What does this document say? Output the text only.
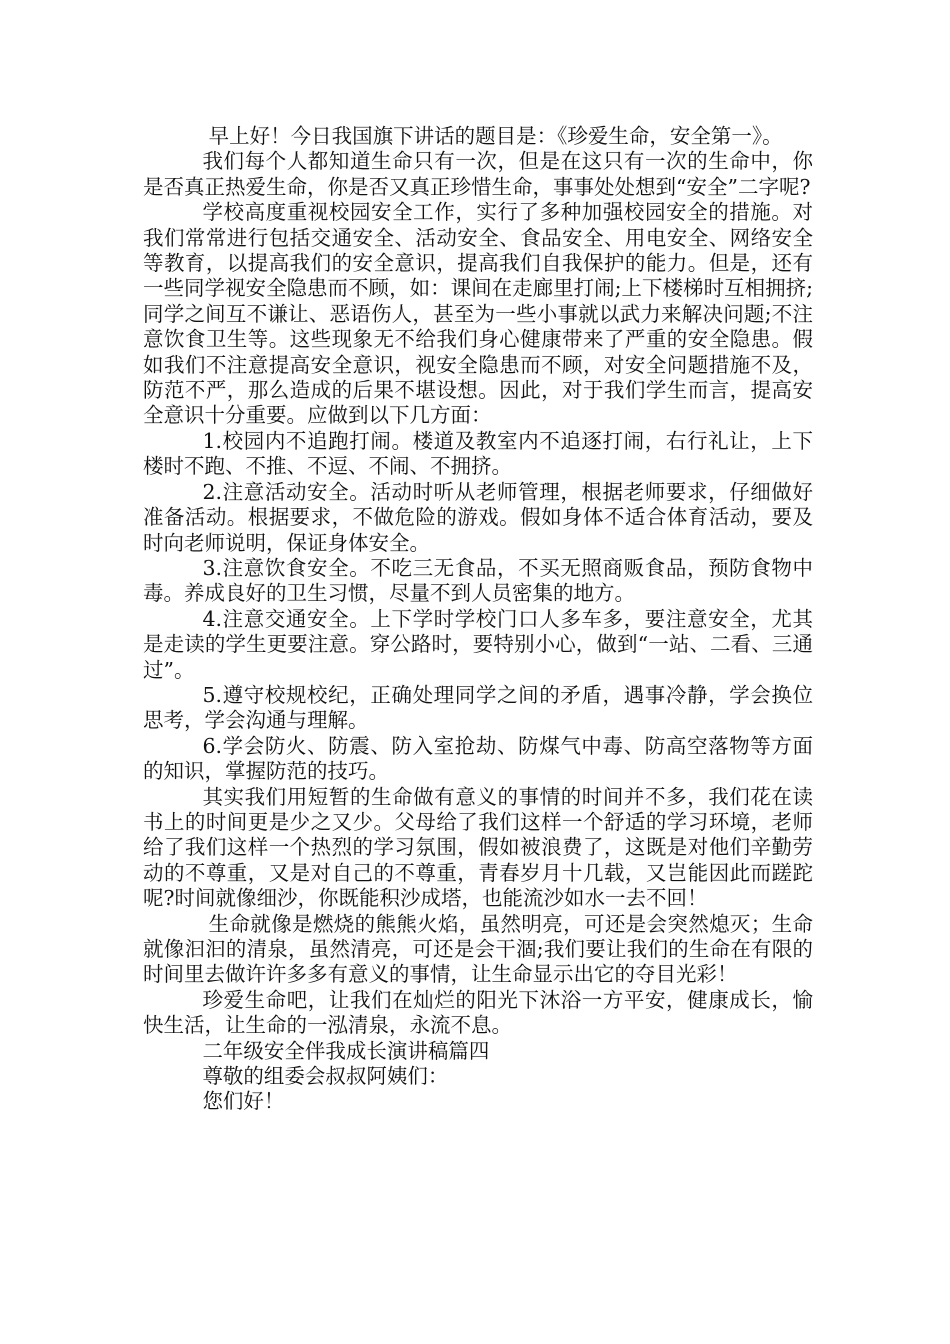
早上好！今日我国旗下讲话的题目是：《珍爱生命，安全第一》。

我们每个人都知道生命只有一次，但是在这只有一次的生命中，你是否真正热爱生命，你是否又真正珍惜生命，事事处处想到“安全”二字呢?

学校高度重视校园安全工作，实行了多种加强校园安全的措施。对我们常常进行包括交通安全、活动安全、食品安全、用电安全、网络安全等教育，以提高我们的安全意识，提高我们自我保护的能力。但是，还有一些同学视安全隐患而不顾，如：课间在走廊里打闹;上下楼梯时互相拥挤;同学之间互不谦让、恶语伤人，甚至为一些小事就以武力来解决问题;不注意饮食卫生等。这些现象无不给我们身心健康带来了严重的安全隐患。假如我们不注意提高安全意识，视安全隐患而不顾，对安全问题措施不及，防范不严，那么造成的后果不堪设想。因此，对于我们学生而言，提高安全意识十分重要。应做到以下几方面：

1.校园内不追跑打闹。楼道及教室内不追逐打闹，右行礼让，上下楼时不跑、不推、不逗、不闹、不拥挤。

2.注意活动安全。活动时听从老师管理，根据老师要求，仔细做好准备活动。根据要求，不做危险的游戏。假如身体不适合体育活动，要及时向老师说明，保证身体安全。

3.注意饮食安全。不吃三无食品，不买无照商贩食品，预防食物中毒。养成良好的卫生习惯，尽量不到人员密集的地方。

4.注意交通安全。上下学时学校门口人多车多，要注意安全，尤其是走读的学生更要注意。穿公路时，要特别小心，做到“一站、二看、三通过”。

5.遵守校规校纪，正确处理同学之间的矛盾，遇事冷静，学会换位思考，学会沟通与理解。

6.学会防火、防震、防入室抢劫、防煤气中毒、防高空落物等方面的知识，掌握防范的技巧。

其实我们用短暂的生命做有意义的事情的时间并不多，我们花在读书上的时间更是少之又少。父母给了我们这样一个舒适的学习环境，老师给了我们这样一个热烈的学习氛围，假如被浪费了，这既是对他们辛勤劳动的不尊重，又是对自己的不尊重，青春岁月十几载，又岂能因此而蹉跎呢?时间就像细沙，你既能积沙成塔，也能流沙如水一去不回！

生命就像是燃烧的熊熊火焰，虽然明亮，可还是会突然熄灭；生命就像汩汩的清泉，虽然清亮，可还是会干涸;我们要让我们的生命在有限的时间里去做许许多多有意义的事情，让生命显示出它的夺目光彩！

珍爱生命吧，让我们在灿烂的阳光下沐浴一方平安，健康成长，愉快生活，让生命的一泓清泉，永流不息。

二年级安全伴我成长演讲稿篇四

尊敬的组委会叔叔阿姨们：

您们好！
